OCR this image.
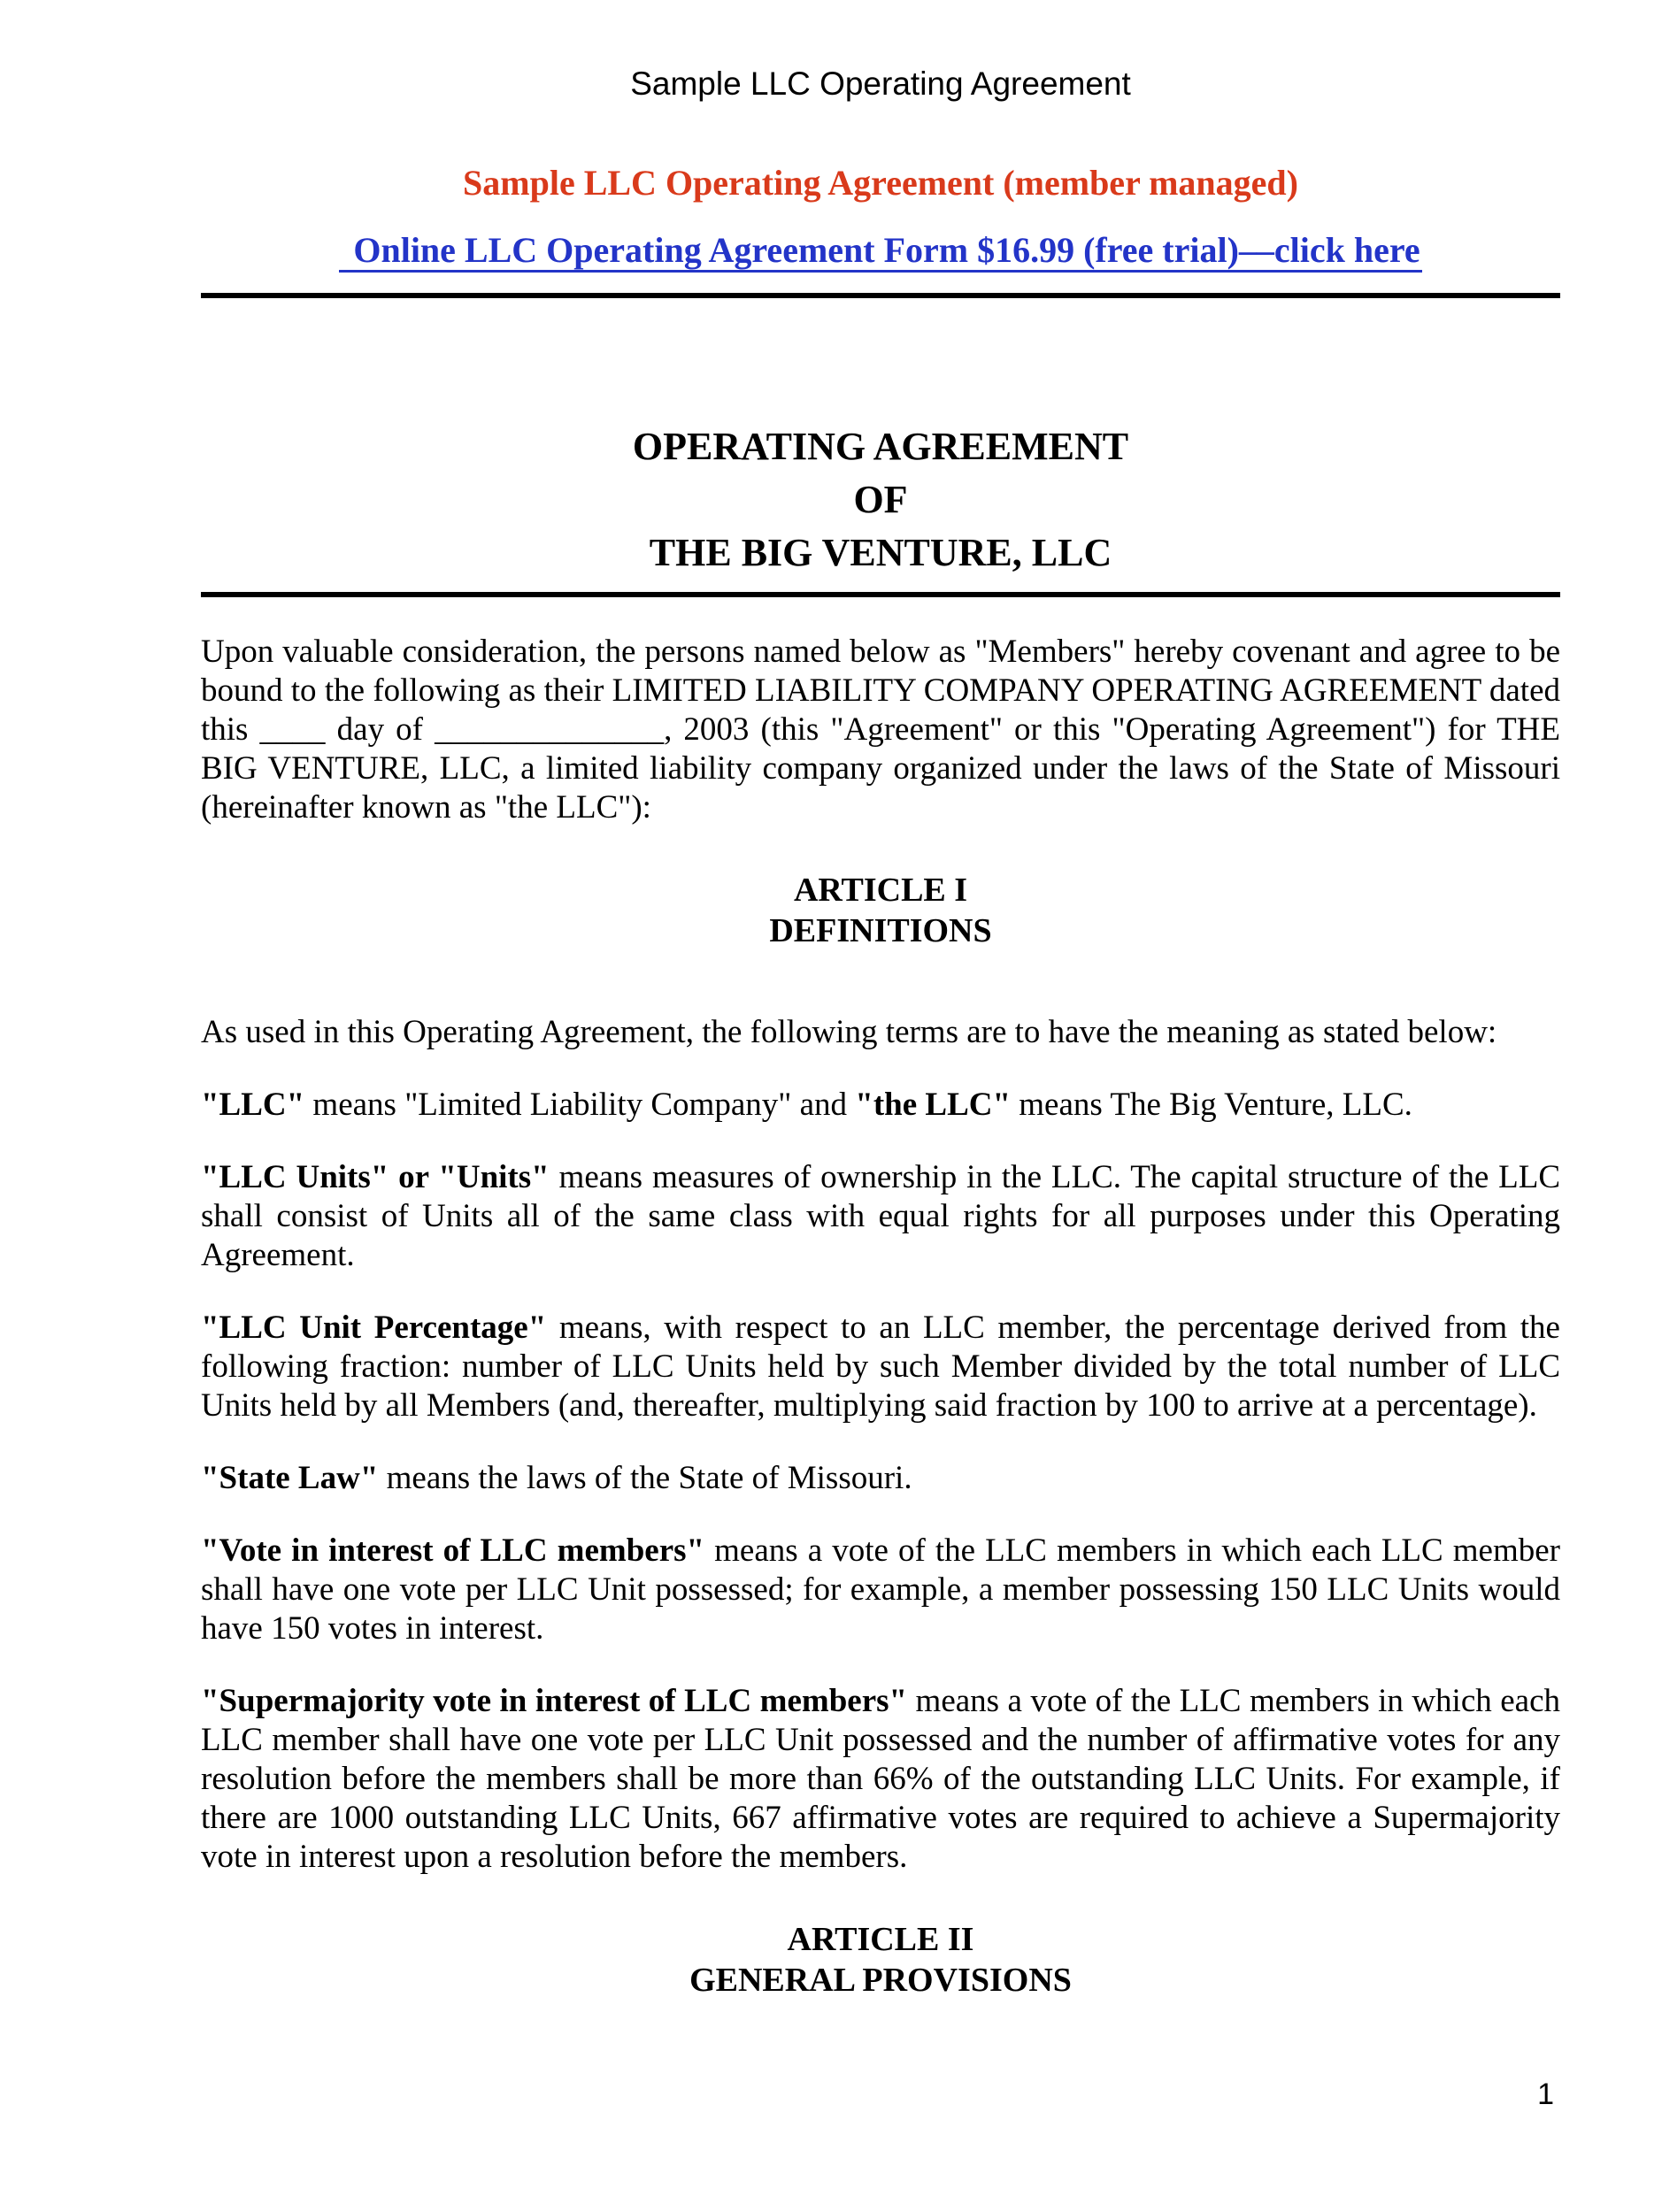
Sample LLC Operating Agreement
Sample LLC Operating Agreement (member managed)
Online LLC Operating Agreement Form $16.99 (free trial)––click here
OPERATING AGREEMENT
OF
THE BIG VENTURE, LLC

Upon valuable consideration, the persons named below as "Members" hereby covenant and agree to be bound to the following as their LIMITED LIABILITY COMPANY OPERATING AGREEMENT dated this ____ day of ______________, 2003 (this "Agreement" or this "Operating Agreement") for THE BIG VENTURE, LLC, a limited liability company organized under the laws of the State of Missouri (hereinafter known as "the LLC"):

ARTICLE I
DEFINITIONS

As used in this Operating Agreement, the following terms are to have the meaning as stated below:

"LLC" means "Limited Liability Company" and "the LLC" means The Big Venture, LLC.

"LLC Units" or "Units" means measures of ownership in the LLC. The capital structure of the LLC shall consist of Units all of the same class with equal rights for all purposes under this Operating Agreement.

"LLC Unit Percentage" means, with respect to an LLC member, the percentage derived from the following fraction: number of LLC Units held by such Member divided by the total number of LLC Units held by all Members (and, thereafter, multiplying said fraction by 100 to arrive at a percentage).

"State Law" means the laws of the State of Missouri.

"Vote in interest of LLC members" means a vote of the LLC members in which each LLC member shall have one vote per LLC Unit possessed; for example, a member possessing 150 LLC Units would have 150 votes in interest.

"Supermajority vote in interest of LLC members" means a vote of the LLC members in which each LLC member shall have one vote per LLC Unit possessed and the number of affirmative votes for any resolution before the members shall be more than 66% of the outstanding LLC Units. For example, if there are 1000 outstanding LLC Units, 667 affirmative votes are required to achieve a Supermajority vote in interest upon a resolution before the members.

ARTICLE II
GENERAL PROVISIONS
1
